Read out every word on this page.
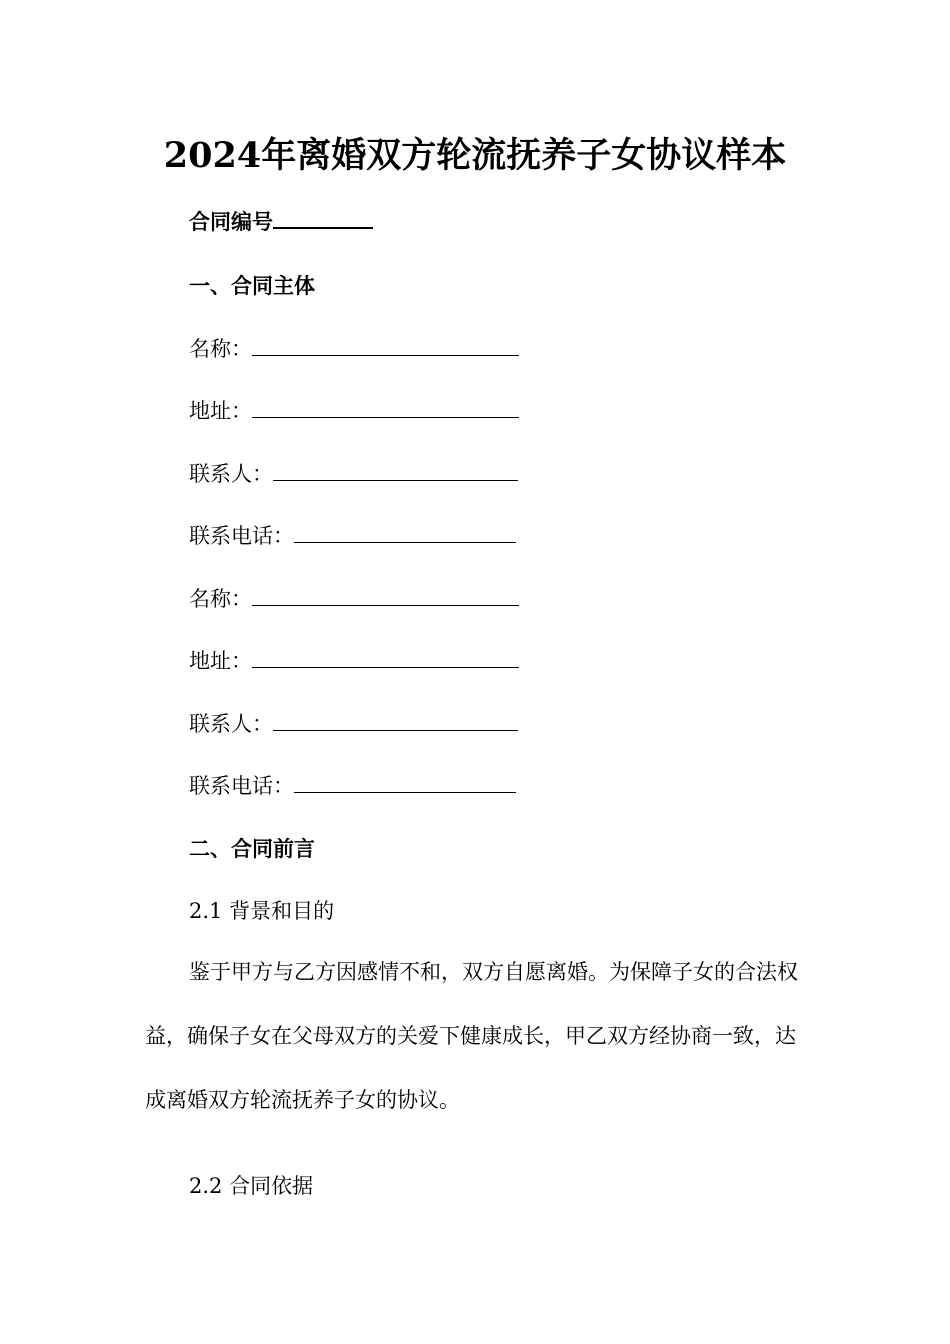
2024年离婚双方轮流抚养子女协议样本
合同编号
一、合同主体
名称：
地址：
联系人：
联系电话：
名称：
地址：
联系人：
联系电话：
二、合同前言
2.1 背景和目的
鉴于甲方与乙方因感情不和，双方自愿离婚。为保障子女的合法权益，确保子女在父母双方的关爱下健康成长，甲乙双方经协商一致，达成离婚双方轮流抚养子女的协议。
2.2 合同依据
